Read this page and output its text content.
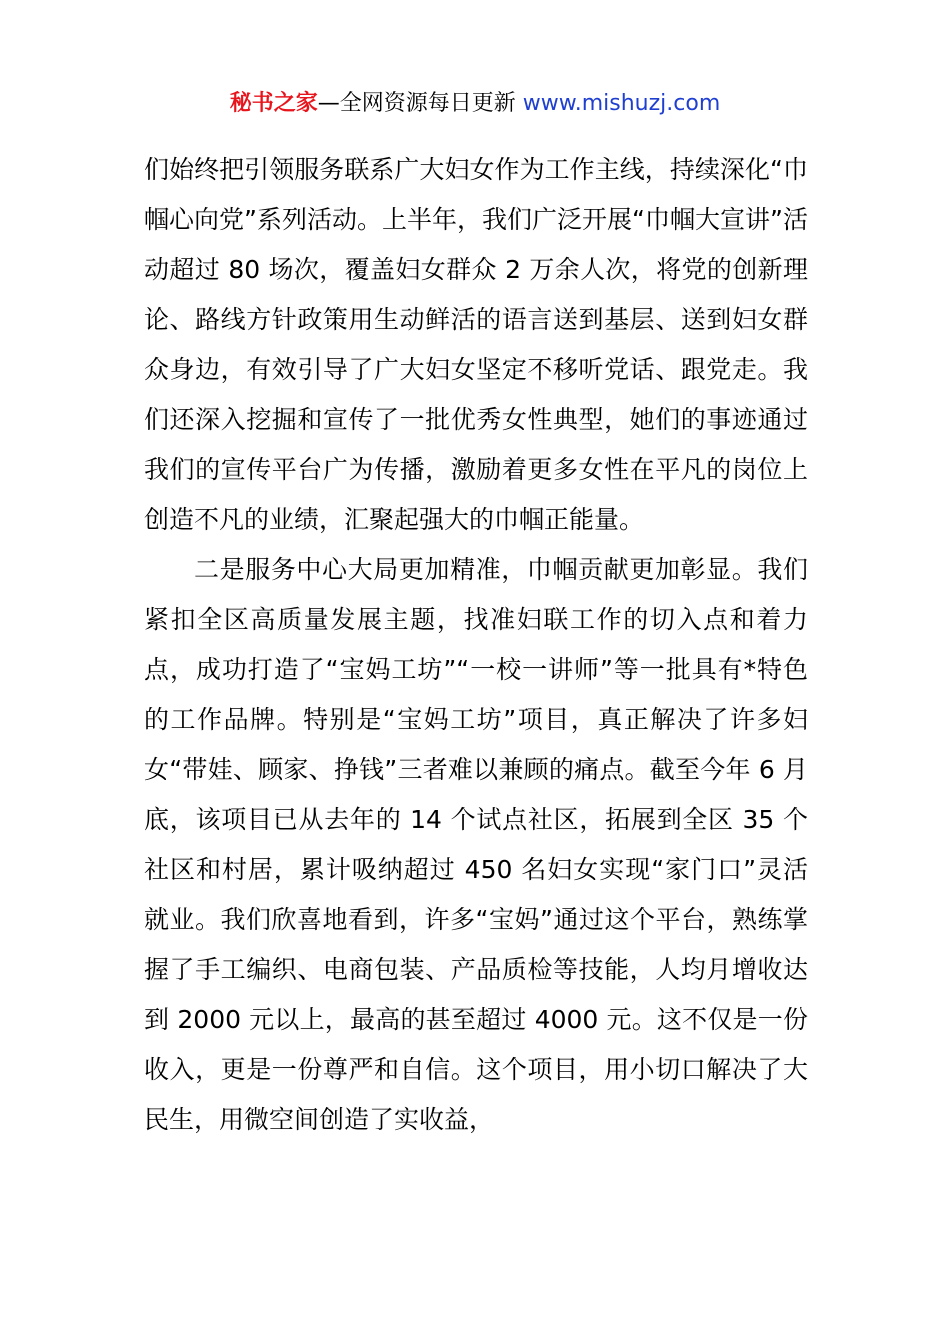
秘书之家—全网资源每日更新 www.mishuzj.com

们始终把引领服务联系广大妇女作为工作主线，持续深化“巾帼心向党”系列活动。上半年，我们广泛开展“巾帼大宣讲”活动超过 80 场次，覆盖妇女群众 2 万余人次，将党的创新理论、路线方针政策用生动鲜活的语言送到基层、送到妇女群众身边，有效引导了广大妇女坚定不移听党话、跟党走。我们还深入挖掘和宣传了一批优秀女性典型，她们的事迹通过我们的宣传平台广为传播，激励着更多女性在平凡的岗位上创造不凡的业绩，汇聚起强大的巾帼正能量。

二是服务中心大局更加精准，巾帼贡献更加彰显。我们紧扣全区高质量发展主题，找准妇联工作的切入点和着力点，成功打造了“宝妈工坊”“一校一讲师”等一批具有*特色的工作品牌。特别是“宝妈工坊”项目，真正解决了许多妇女“带娃、顾家、挣钱”三者难以兼顾的痛点。截至今年 6 月底，该项目已从去年的 14 个试点社区，拓展到全区 35 个社区和村居，累计吸纳超过 450 名妇女实现“家门口”灵活就业。我们欣喜地看到，许多“宝妈”通过这个平台，熟练掌握了手工编织、电商包装、产品质检等技能，人均月增收达到 2000 元以上，最高的甚至超过 4000 元。这不仅是一份收入，更是一份尊严和自信。这个项目，用小切口解决了大民生，用微空间创造了实收益，
